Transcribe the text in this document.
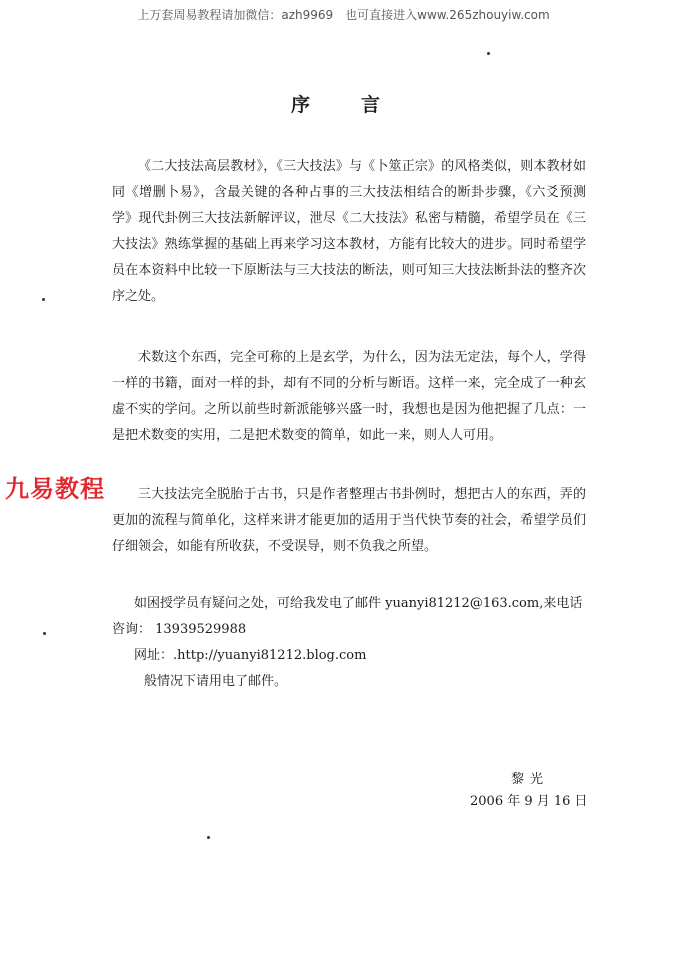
上万套周易教程请加微信：azh9969　也可直接进入www.265zhouyiw.com
序　言

《二大技法高层教材》，《三大技法》与《卜筮正宗》的风格类似，则本教材如同《增删卜易》，含最关键的各种占事的三大技法相结合的断卦步骤，《六爻预测学》现代卦例三大技法新解评议，泄尽《二大技法》私密与精髓，希望学员在《三大技法》熟练掌握的基础上再来学习这本教材，方能有比较大的进步。同时希望学员在本资料中比较一下原断法与三大技法的断法，则可知三大技法断卦法的整齐次序之处。

术数这个东西，完全可称的上是玄学，为什么，因为法无定法，每个人，学得一样的书籍，面对一样的卦，却有不同的分析与断语。这样一来，完全成了一种玄虚不实的学问。之所以前些时新派能够兴盛一时，我想也是因为他把握了几点：一是把术数变的实用，二是把术数变的简单，如此一来，则人人可用。

三大技法完全脱胎于古书，只是作者整理古书卦例时，想把古人的东西，弄的更加的流程与简单化，这样来讲才能更加的适用于当代快节奏的社会，希望学员们仔细领会，如能有所收获，不受误导，则不负我之所望。

九易教程

如困授学员有疑问之处，可给我发电了邮件 yuanyi81212@163.com,来电话咨询： 13939529988

网址：.http://yuanyi81212.blog.com

般情况下请用电了邮件。

黎光
2006 年 9 月 16 日
